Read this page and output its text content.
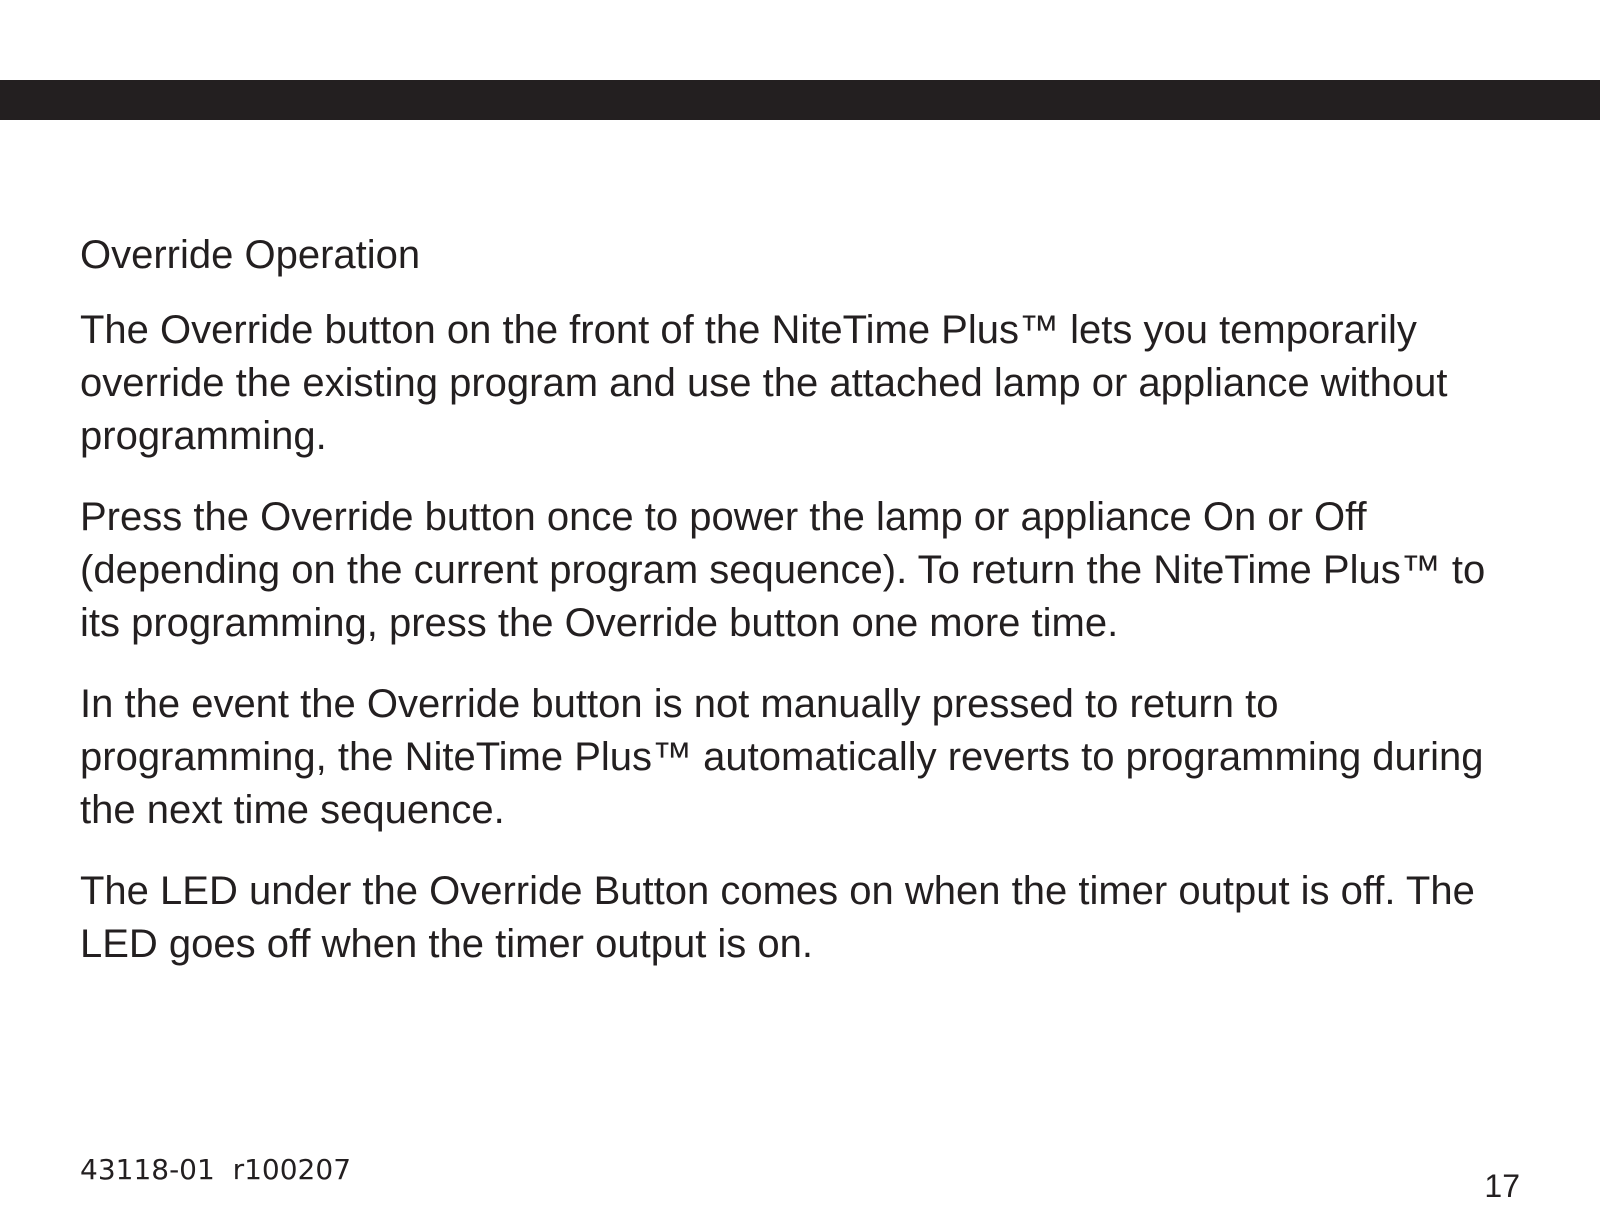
Override Operation

The Override button on the front of the NiteTime Plus™ lets you temporarily override the existing program and use the attached lamp or appliance without programming.

Press the Override button once to power the lamp or appliance On or Off (depending on the current program sequence). To return the NiteTime Plus™ to its programming, press the Override button one more time.

In the event the Override button is not manually pressed to return to programming, the NiteTime Plus™ automatically reverts to programming during the next time sequence.

The LED under the Override Button comes on when the timer output is off. The LED goes off when the timer output is on.

43118-01  r100207	17
